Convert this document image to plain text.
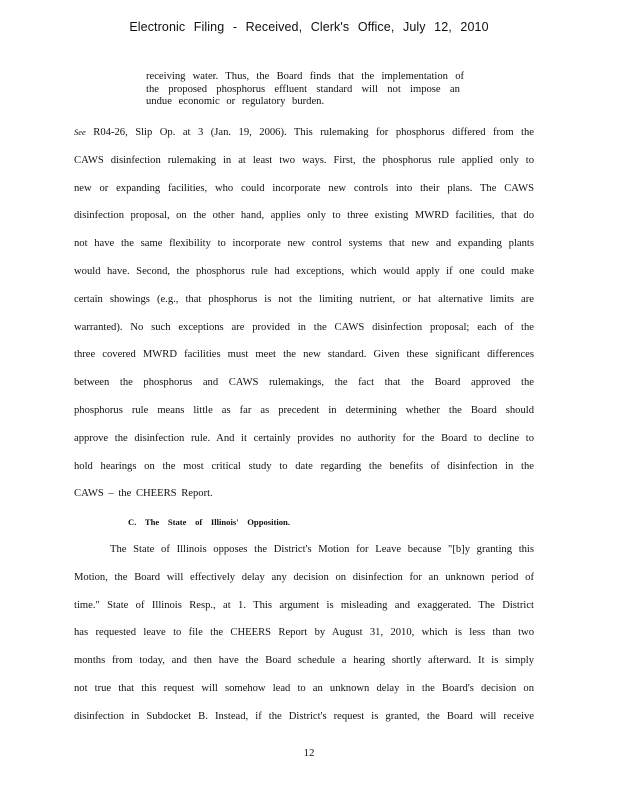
Electronic Filing - Received, Clerk's Office, July 12, 2010
receiving water. Thus, the Board finds that the implementation of
the proposed phosphorus effluent standard will not impose an
undue economic or regulatory burden.
See R04-26, Slip Op. at 3 (Jan. 19, 2006). This rulemaking for phosphorus differed from the
CAWS disinfection rulemaking in at least two ways. First, the phosphorus rule applied only to
new or expanding facilities, who could incorporate new controls into their plans. The CAWS
disinfection proposal, on the other hand, applies only to three existing MWRD facilities, that do
not have the same flexibility to incorporate new control systems that new and expanding plants
would have. Second, the phosphorus rule had exceptions, which would apply if one could make
certain showings (e.g., that phosphorus is not the limiting nutrient, or hat alternative limits are
warranted). No such exceptions are provided in the CAWS disinfection proposal; each of the
three covered MWRD facilities must meet the new standard. Given these significant differences
between the phosphorus and CAWS rulemakings, the fact that the Board approved the
phosphorus rule means little as far as precedent in determining whether the Board should
approve the disinfection rule. And it certainly provides no authority for the Board to decline to
hold hearings on the most critical study to date regarding the benefits of disinfection in the
CAWS – the CHEERS Report.
C. The State of Illinois' Opposition.
The State of Illinois opposes the District's Motion for Leave because "[b]y granting this
Motion, the Board will effectively delay any decision on disinfection for an unknown period of
time." State of Illinois Resp., at 1. This argument is misleading and exaggerated. The District
has requested leave to file the CHEERS Report by August 31, 2010, which is less than two
months from today, and then have the Board schedule a hearing shortly afterward. It is simply
not true that this request will somehow lead to an unknown delay in the Board's decision on
disinfection in Subdocket B. Instead, if the District's request is granted, the Board will receive
12
